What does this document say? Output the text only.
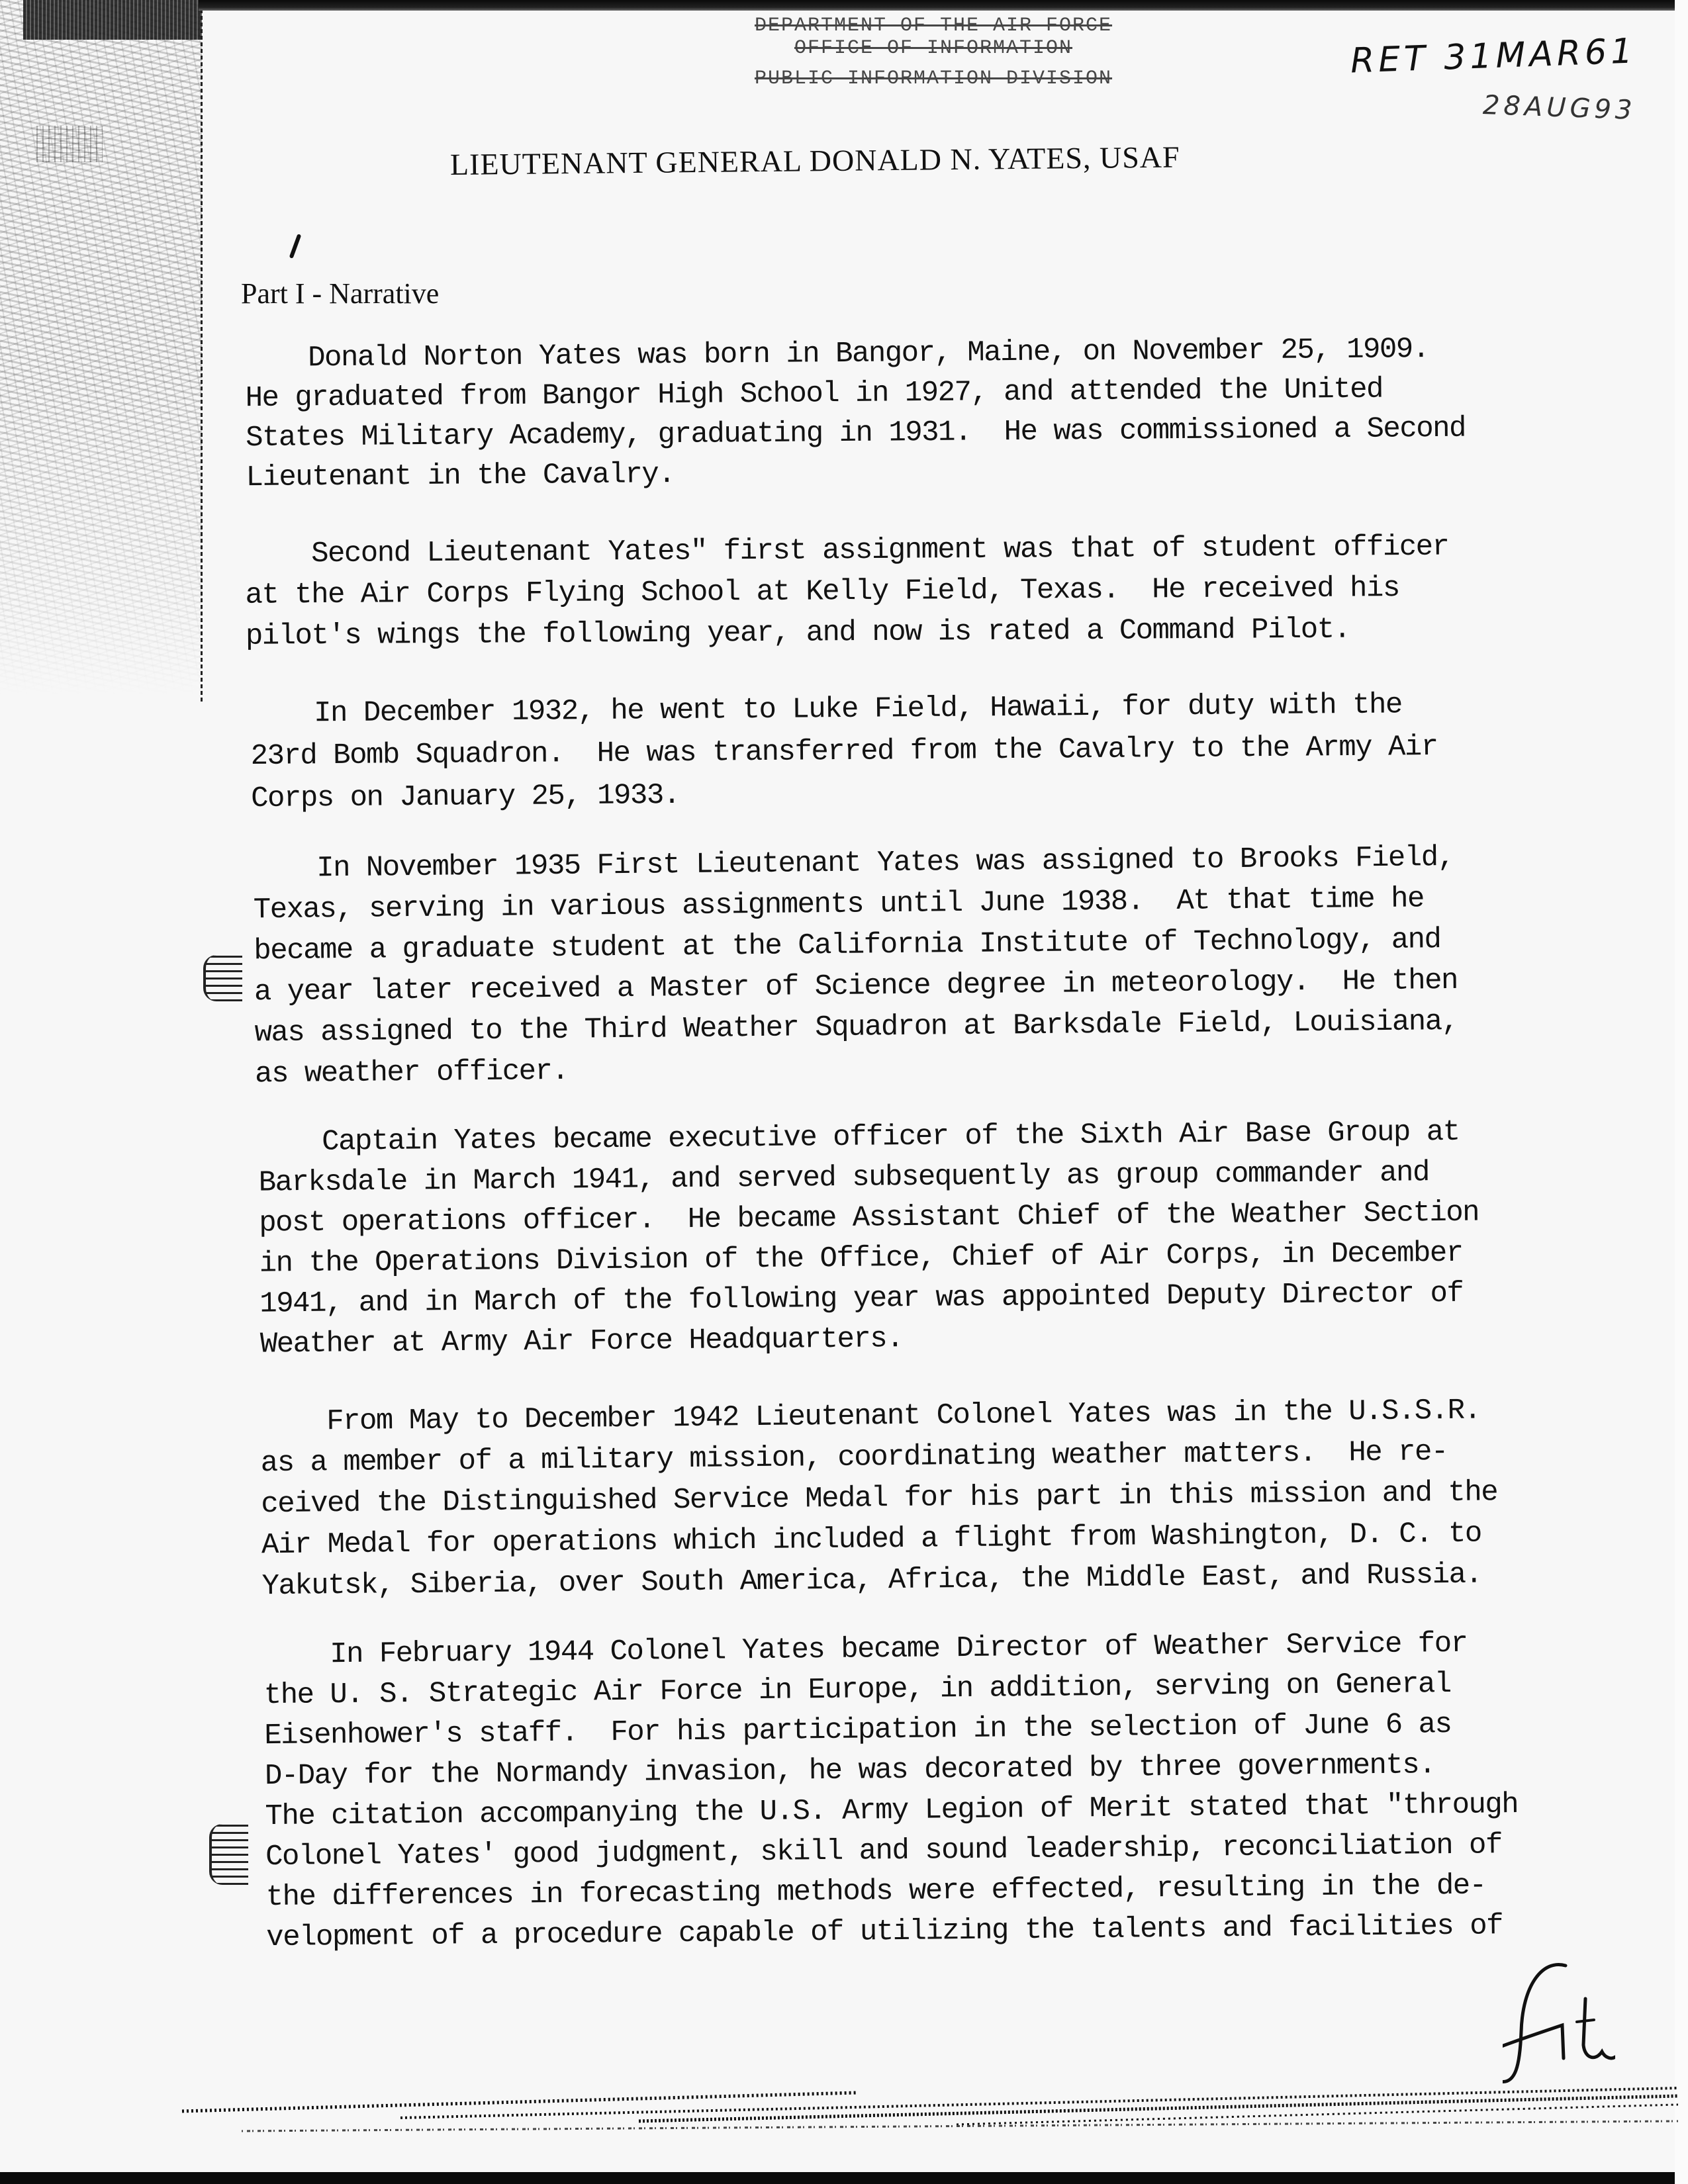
DEPARTMENT OF THE AIR FORCE
OFFICE OF INFORMATION
PUBLIC INFORMATION DIVISION	RET 31MAR61
28AUG93
LIEUTENANT GENERAL DONALD N. YATES, USAF
Part I - Narrative
Donald Norton Yates was born in Bangor, Maine, on November 25, 1909.
He graduated from Bangor High School in 1927, and attended the United
States Military Academy, graduating in 1931.  He was commissioned a Second
Lieutenant in the Cavalry.
Second Lieutenant Yates" first assignment was that of student officer
at the Air Corps Flying School at Kelly Field, Texas.  He received his
pilot's wings the following year, and now is rated a Command Pilot.
In December 1932, he went to Luke Field, Hawaii, for duty with the
23rd Bomb Squadron.  He was transferred from the Cavalry to the Army Air
Corps on January 25, 1933.
In November 1935 First Lieutenant Yates was assigned to Brooks Field,
Texas, serving in various assignments until June 1938.  At that time he
became a graduate student at the California Institute of Technology, and
a year later received a Master of Science degree in meteorology.  He then
was assigned to the Third Weather Squadron at Barksdale Field, Louisiana,
as weather officer.
Captain Yates became executive officer of the Sixth Air Base Group at
Barksdale in March 1941, and served subsequently as group commander and
post operations officer.  He became Assistant Chief of the Weather Section
in the Operations Division of the Office, Chief of Air Corps, in December
1941, and in March of the following year was appointed Deputy Director of
Weather at Army Air Force Headquarters.
From May to December 1942 Lieutenant Colonel Yates was in the U.S.S.R.
as a member of a military mission, coordinating weather matters.  He re-
ceived the Distinguished Service Medal for his part in this mission and the
Air Medal for operations which included a flight from Washington, D. C. to
Yakutsk, Siberia, over South America, Africa, the Middle East, and Russia.
In February 1944 Colonel Yates became Director of Weather Service for
the U. S. Strategic Air Force in Europe, in addition, serving on General
Eisenhower's staff.  For his participation in the selection of June 6 as
D-Day for the Normandy invasion, he was decorated by three governments.
The citation accompanying the U.S. Army Legion of Merit stated that "through
Colonel Yates' good judgment, skill and sound leadership, reconciliation of
the differences in forecasting methods were effected, resulting in the de-
velopment of a procedure capable of utilizing the talents and facilities of
